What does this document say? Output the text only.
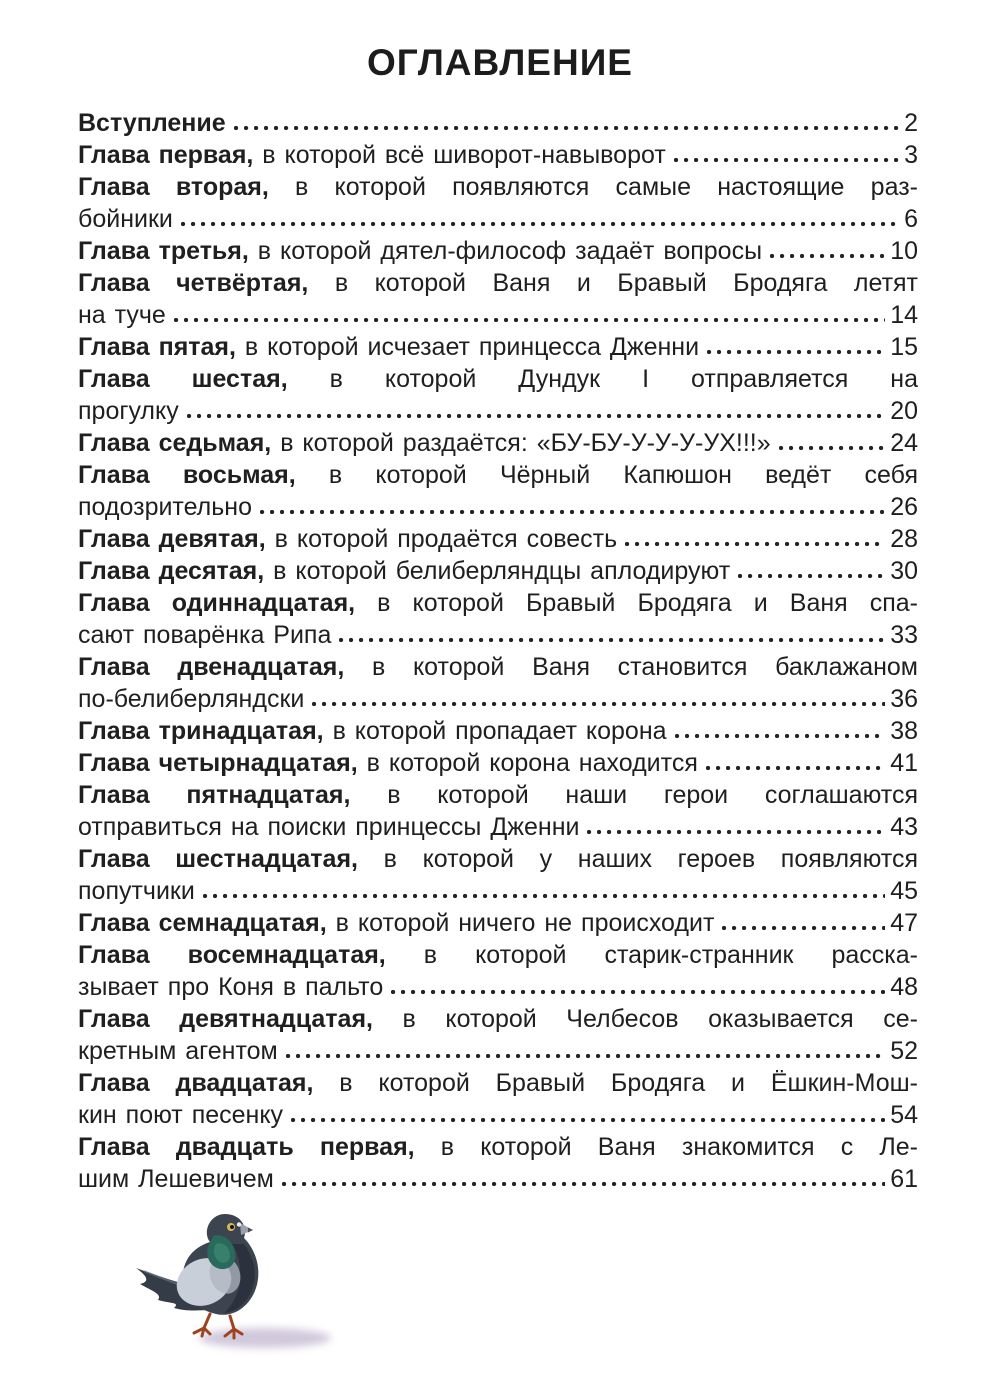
ОГЛАВЛЕНИЕ
Вступление	2
Глава первая, в которой всё шиворот-навыворот	3
Глава вторая, в которой появляются самые настоящие раз-
бойники	6
Глава третья, в которой дятел-философ задаёт вопросы	10
Глава четвёртая, в которой Ваня и Бравый Бродяга летят
на туче	14
Глава пятая, в которой исчезает принцесса Дженни	15
Глава шестая, в которой Дундук I отправляется на
прогулку	20
Глава седьмая, в которой раздаётся: «БУ-БУ-У-У-У-УХ!!!»	24
Глава восьмая, в которой Чёрный Капюшон ведёт себя
подозрительно	26
Глава девятая, в которой продаётся совесть	28
Глава десятая, в которой белиберляндцы аплодируют	30
Глава одиннадцатая, в которой Бравый Бродяга и Ваня спа-
сают поварёнка Рипа	33
Глава двенадцатая, в которой Ваня становится баклажаном
по-белиберляндски	36
Глава тринадцатая, в которой пропадает корона	38
Глава четырнадцатая, в которой корона находится	41
Глава пятнадцатая, в которой наши герои соглашаются
отправиться на поиски принцессы Дженни	43
Глава шестнадцатая, в которой у наших героев появляются
попутчики	45
Глава семнадцатая, в которой ничего не происходит	47
Глава восемнадцатая, в которой старик-странник расска-
зывает про Коня в пальто	48
Глава девятнадцатая, в которой Челбесов оказывается се-
кретным агентом	52
Глава двадцатая, в которой Бравый Бродяга и Ёшкин-Мош-
кин поют песенку	54
Глава двадцать первая, в которой Ваня знакомится с Ле-
шим Лешевичем	61
